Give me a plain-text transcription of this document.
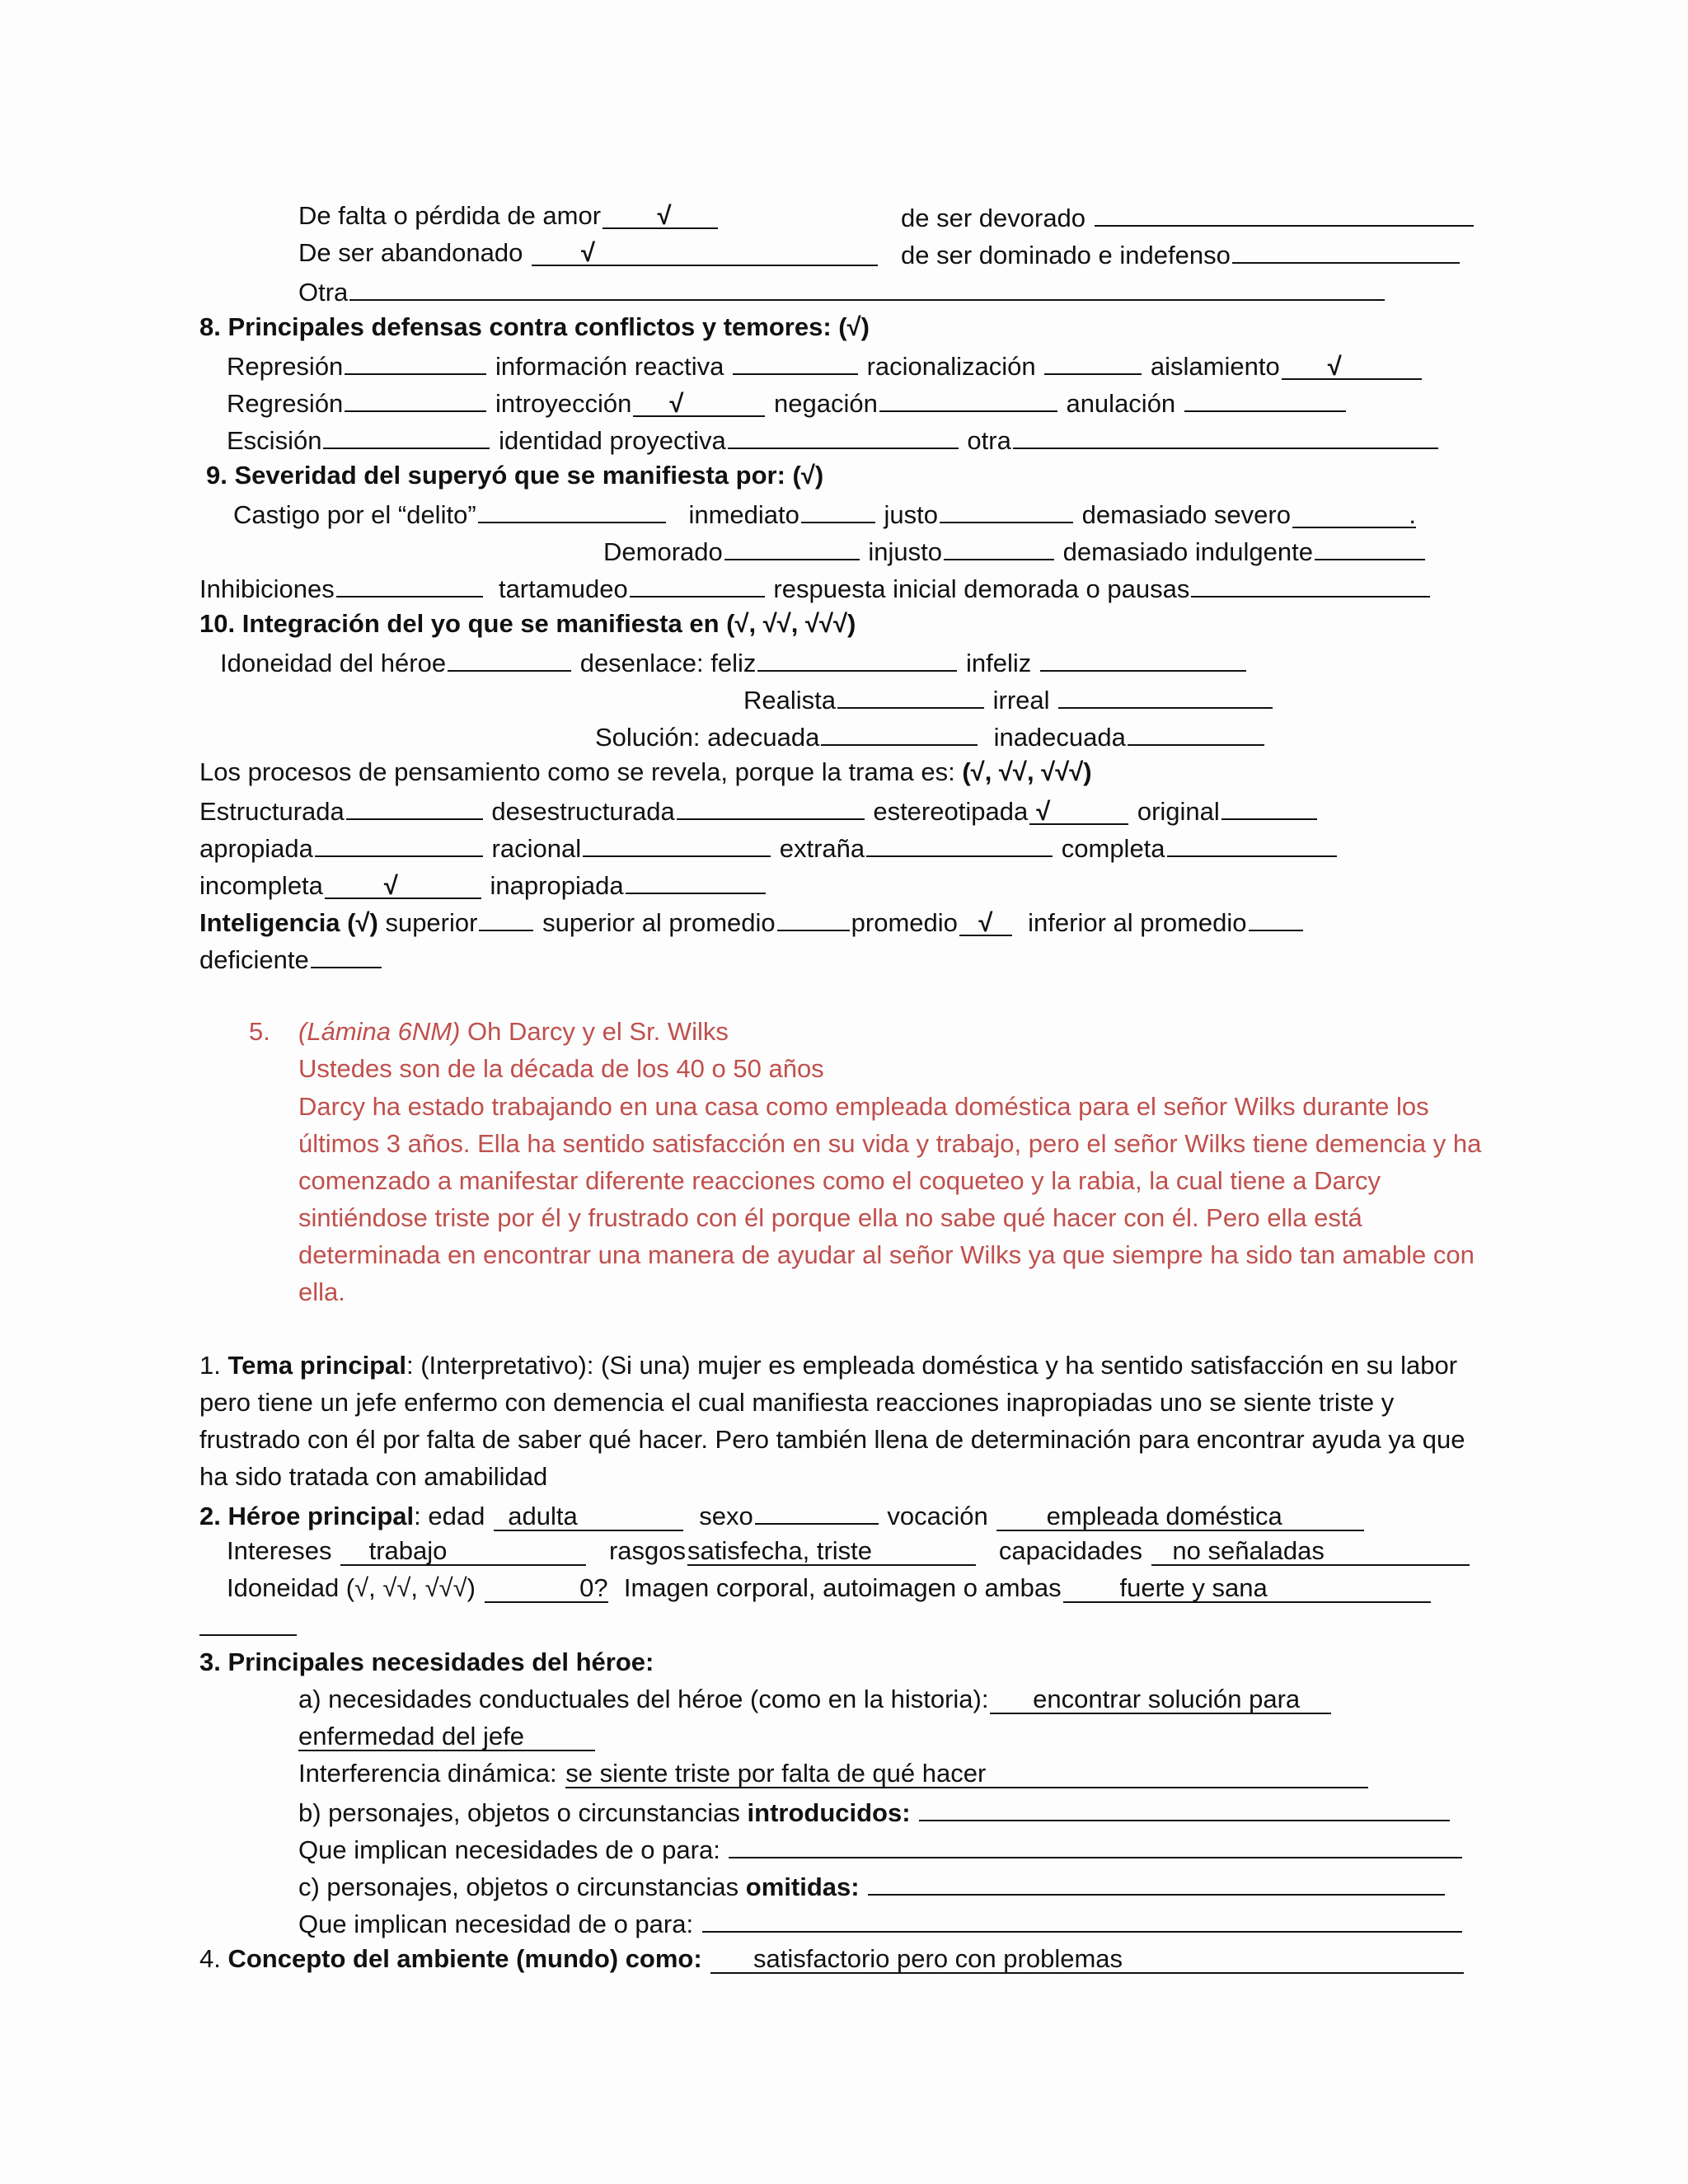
De falta o pérdida de amor √	de ser devorado
De ser abandonado √	de ser dominado e indefenso
Otra
8. Principales defensas contra conflictos y temores: (√)
Represión	información reactiva	racionalización	aislamiento √
Regresión	introyección √	negación	anulación
Escisión	identidad proyectiva	otra
9. Severidad del superyó que se manifiesta por: (√)
Castigo por el “delito”	inmediato	justo	demasiado severo	.
Demorado	injusto	demasiado indulgente
Inhibiciones	tartamudeo	respuesta inicial demorada o pausas
10. Integración del yo que se manifiesta en (√, √√, √√√)
Idoneidad del héroe	desenlace: feliz	infeliz
Realista	irreal
Solución: adecuada	inadecuada
Los procesos de pensamiento como se revela, porque la trama es: (√, √√, √√√)
Estructurada	desestructurada	estereotipada √	original
apropiada	racional	extraña	completa
incompleta √	inapropiada
Inteligencia (√) superior	superior al promedio	promedio √ inferior al promedio
deficiente
5. (Lámina 6NM) Oh Darcy y el Sr. Wilks
Ustedes son de la década de los 40 o 50 años
Darcy ha estado trabajando en una casa como empleada doméstica para el señor Wilks durante los últimos 3 años. Ella ha sentido satisfacción en su vida y trabajo, pero el señor Wilks tiene demencia y ha comenzado a manifestar diferente reacciones como el coqueteo y la rabia, la cual tiene a Darcy sintiéndose triste por él y frustrado con él porque ella no sabe qué hacer con él. Pero ella está determinada en encontrar una manera de ayudar al señor Wilks ya que siempre ha sido tan amable con ella.
1. Tema principal: (Interpretativo): (Si una) mujer es empleada doméstica y ha sentido satisfacción en su labor pero tiene un jefe enfermo con demencia el cual manifiesta reacciones inapropiadas uno se siente triste y frustrado con él por falta de saber qué hacer. Pero también llena de determinación para encontrar ayuda ya que ha sido tratada con amabilidad
2. Héroe principal: edad adulta	sexo	vocación empleada doméstica
Intereses trabajo	rasgossatisfecha, triste	capacidades no señaladas
Idoneidad (√, √√, √√√)	0? Imagen corporal, autoimagen o ambas fuerte y sana
3. Principales necesidades del héroe:
a) necesidades conductuales del héroe (como en la historia): encontrar solución para
enfermedad del jefe
Interferencia dinámica: se siente triste por falta de qué hacer
b) personajes, objetos o circunstancias introducidos:
Que implican necesidades de o para:
c) personajes, objetos o circunstancias omitidas:
Que implican necesidad de o para:
4. Concepto del ambiente (mundo) como: satisfactorio pero con problemas
